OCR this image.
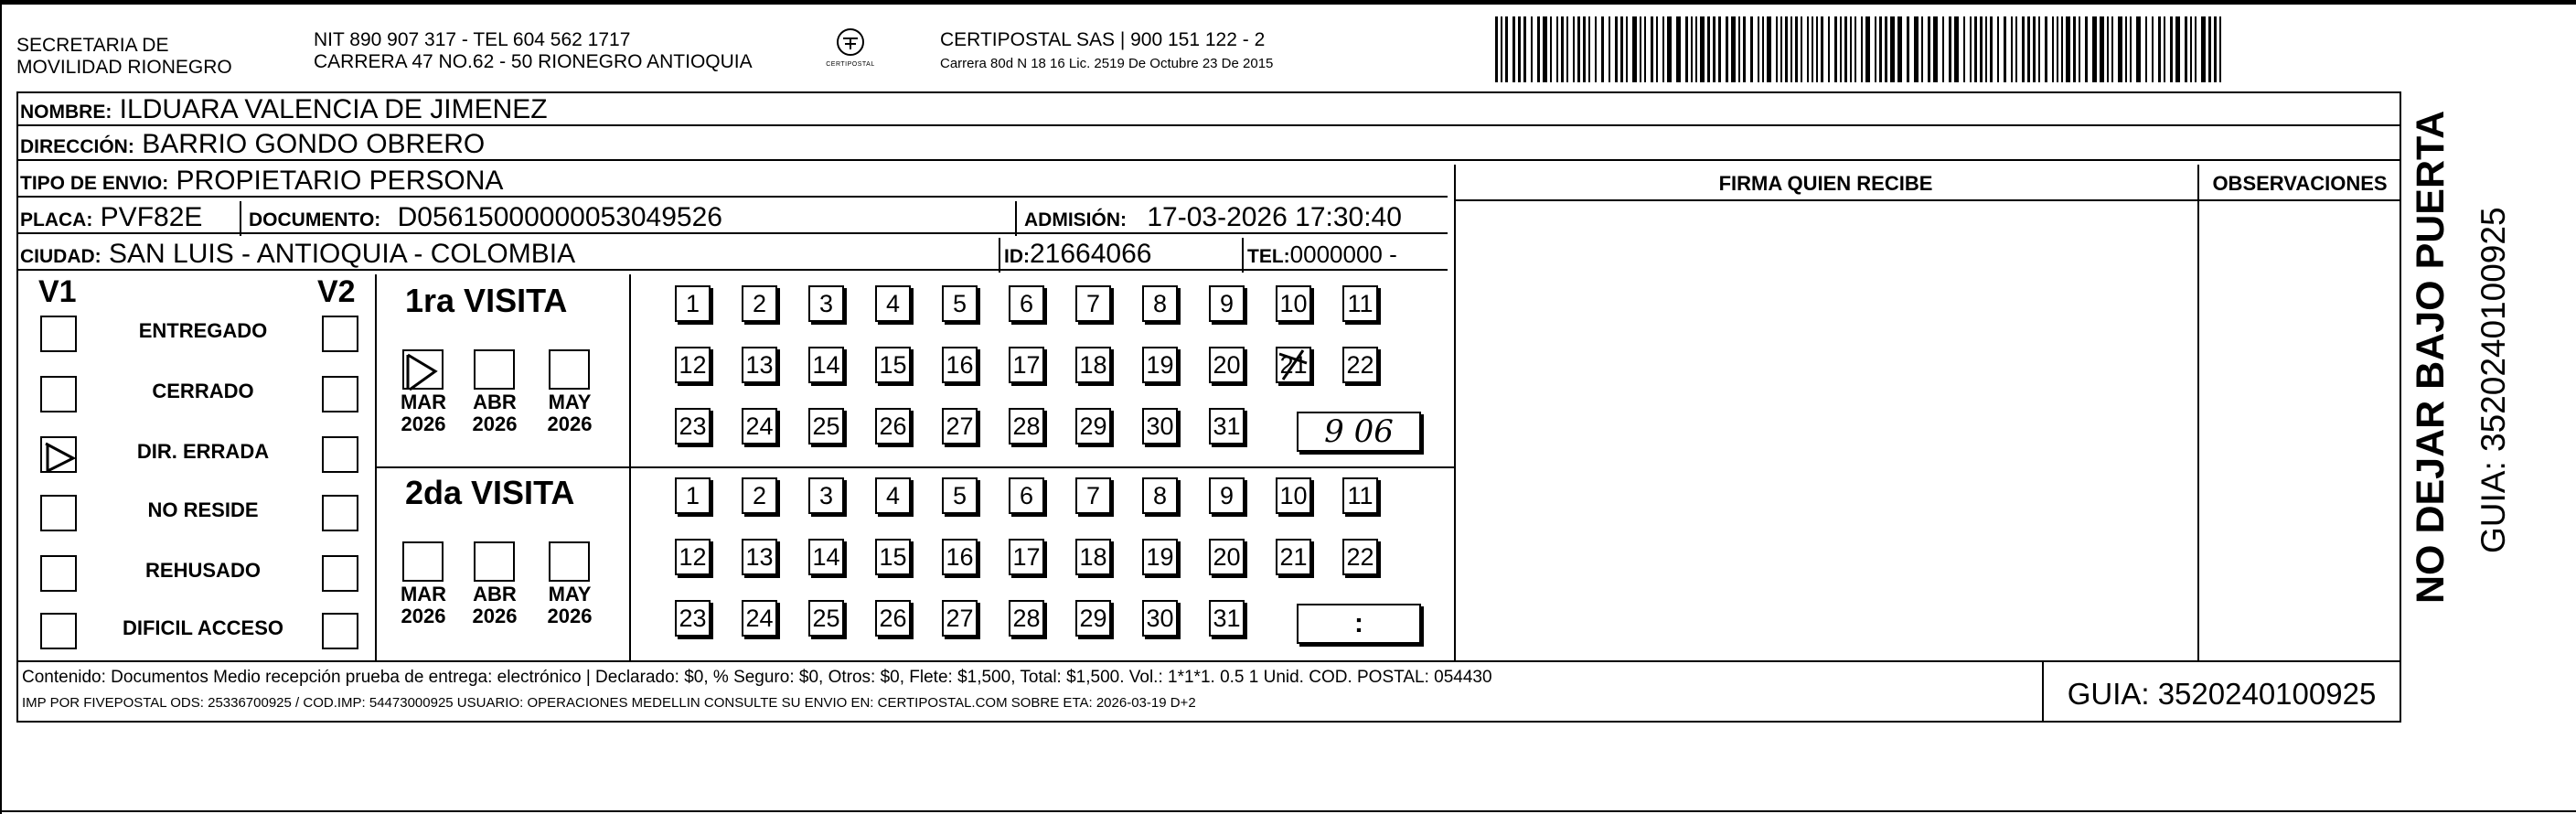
SECRETARIA DE
MOVILIDAD RIONEGRO
NIT 890 907 317 - TEL 604 562 1717
CARRERA 47 NO.62 - 50 RIONEGRO ANTIOQUIA	CERTIPOSTAL
CERTIPOSTAL SAS | 900 151 122 - 2
Carrera 80d N 18 16 Lic. 2519 De Octubre 23 De 2015
NOMBRE: ILDUARA VALENCIA DE JIMENEZ
DIRECCIÓN: BARRIO GONDO OBRERO
TIPO DE ENVIO: PROPIETARIO PERSONA
PLACA: PVF82E	DOCUMENTO: D05615000000053049526	ADMISIÓN: 17-03-2026 17:30:40
CIUDAD: SAN LUIS - ANTIOQUIA - COLOMBIA	ID:21664066	TEL:0000000 -
FIRMA QUIEN RECIBE	OBSERVACIONES
V1	V2
ENTREGADO
CERRADO
DIR. ERRADA
NO RESIDE
REHUSADO
DIFICIL ACCESO
1ra VISITA
2da VISITA
MAR
2026
ABR
2026
MAY
2026
1	2	3	4	5	6	7	8	9	10 11
12 13 14 15 16 17 18 19 20 21 22
23 24 25 26 27 28 29 30 31
MAR
2026
ABR
2026
MAY
2026
1	2	3	4	5	6	7	8	9	10 11
12 13 14 15 16 17 18 19 20 21 22
23 24 25 26 27 28 29 30 31
9 06
:
Contenido: Documentos Medio recepción prueba de entrega: electrónico | Declarado: $0, % Seguro: $0, Otros: $0, Flete: $1,500, Total: $1,500. Vol.: 1*1*1. 0.5 1 Unid. COD. POSTAL: 054430
IMP POR FIVEPOSTAL ODS: 25336700925 / COD.IMP: 54473000925 USUARIO: OPERACIONES MEDELLIN CONSULTE SU ENVIO EN: CERTIPOSTAL.COM SOBRE ETA: 2026-03-19 D+2	GUIA: 3520240100925
NO DEJAR BAJO PUERTA GUIA: 3520240100925
